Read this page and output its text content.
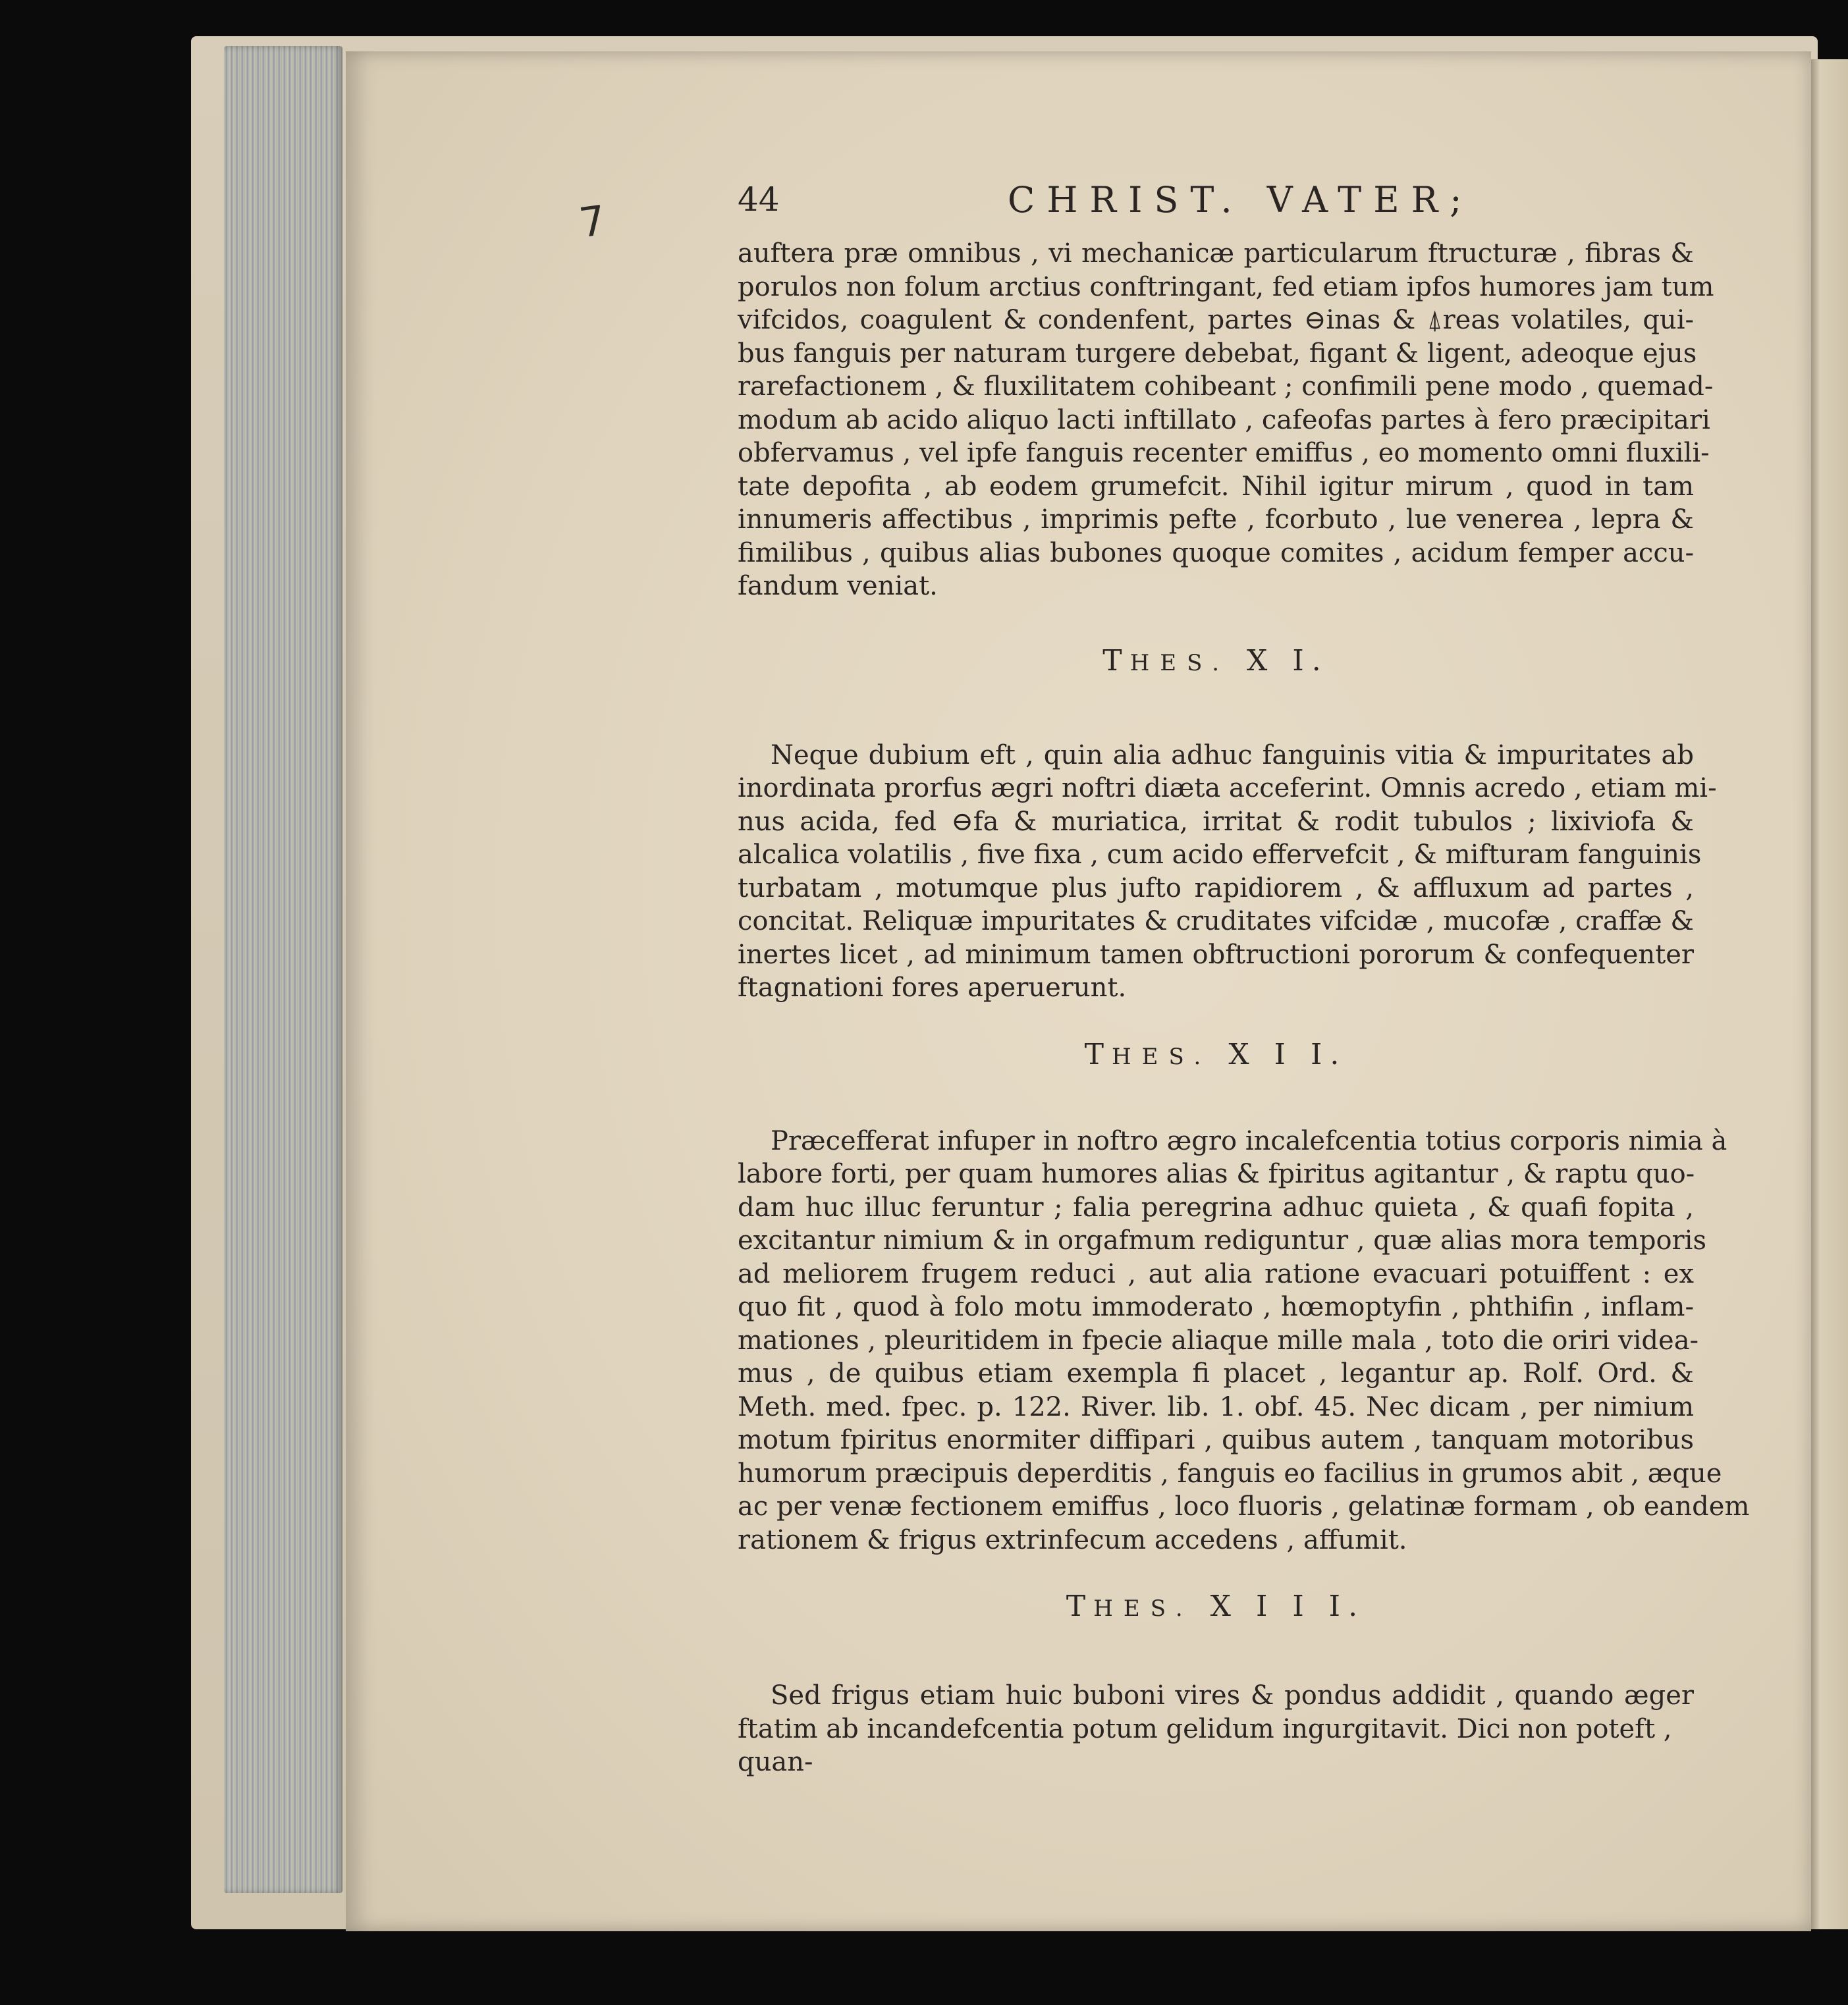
7	44	CHRIST. VATER;
auftera præ omnibus , vi mechanicæ particularum ftructuræ , fibras &
porulos non folum arctius conftringant, fed etiam ipfos humores jam tum
vifcidos, coagulent & condenfent, partes ⊖inas & ⍋reas volatiles, qui-
bus fanguis per naturam turgere debebat, figant & ligent, adeoque ejus
rarefactionem , & fluxilitatem cohibeant ; confimili pene modo , quemad-
modum ab acido aliquo lacti inftillato , cafeofas partes à fero præcipitari
obfervamus , vel ipfe fanguis recenter emiffus , eo momento omni fluxili-
tate depofita , ab eodem grumefcit. Nihil igitur mirum , quod in tam
innumeris affectibus , imprimis pefte , fcorbuto , lue venerea , lepra &
fimilibus , quibus alias bubones quoque comites , acidum femper accu-
fandum veniat.
THES. X I.
Neque dubium eft , quin alia adhuc fanguinis vitia & impuritates ab
inordinata prorfus ægri noftri diæta acceferint. Omnis acredo , etiam mi-
nus acida, fed ⊖fa & muriatica, irritat & rodit tubulos ; lixiviofa &
alcalica volatilis , five fixa , cum acido effervefcit , & mifturam fanguinis
turbatam , motumque plus jufto rapidiorem , & affluxum ad partes ,
concitat. Reliquæ impuritates & cruditates vifcidæ , mucofæ , craffæ &
inertes licet , ad minimum tamen obftructioni pororum & confequenter
ftagnationi fores aperuerunt.
THES. X I I.
Præcefferat infuper in noftro ægro incalefcentia totius corporis nimia à
labore forti, per quam humores alias & fpiritus agitantur , & raptu quo-
dam huc illuc feruntur ; falia peregrina adhuc quieta , & quafi fopita ,
excitantur nimium & in orgafmum rediguntur , quæ alias mora temporis
ad meliorem frugem reduci , aut alia ratione evacuari potuiffent : ex
quo fit , quod à folo motu immoderato , hœmoptyfin , phthifin , inflam-
mationes , pleuritidem in fpecie aliaque mille mala , toto die oriri videa-
mus , de quibus etiam exempla fi placet , legantur ap. Rolf. Ord. &
Meth. med. fpec. p. 122. River. lib. 1. obf. 45. Nec dicam , per nimium
motum fpiritus enormiter diffipari , quibus autem , tanquam motoribus
humorum præcipuis deperditis , fanguis eo facilius in grumos abit , æque
ac per venæ fectionem emiffus , loco fluoris , gelatinæ formam , ob eandem
rationem & frigus extrinfecum accedens , affumit.
THES. X I I I.
Sed frigus etiam huic buboni vires & pondus addidit , quando æger
ftatim ab incandefcentia potum gelidum ingurgitavit. Dici non poteft ,
quan-
